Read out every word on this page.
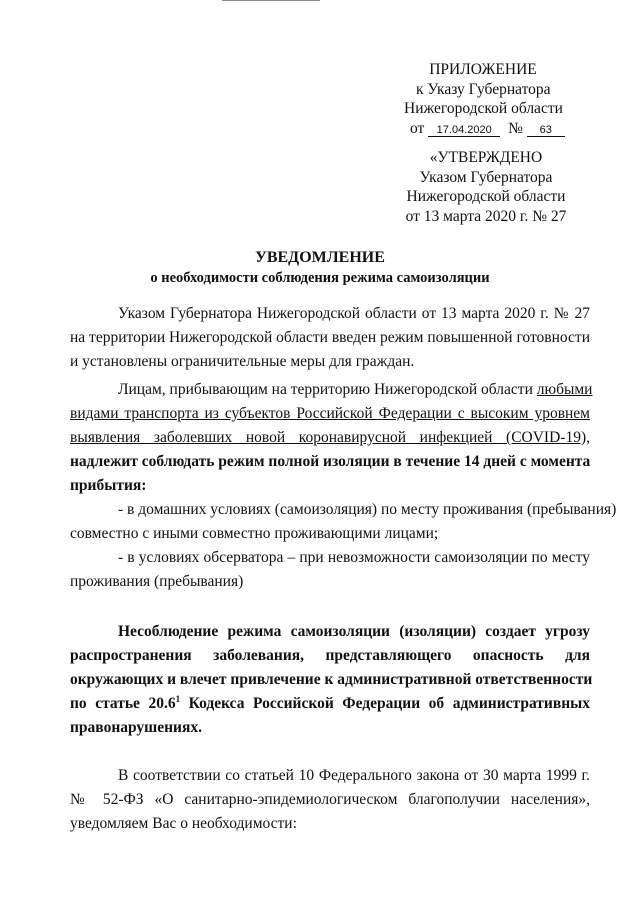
ПРИЛОЖЕНИЕ
к Указу Губернатора
Нижегородской области
от 17.04.2020 № 63
«УТВЕРЖДЕНО
Указом Губернатора
Нижегородской области
от 13 марта 2020 г. № 27
УВЕДОМЛЕНИЕ
о необходимости соблюдения режима самоизоляции
Указом Губернатора Нижегородской области от 13 марта 2020 г. № 27
на территории Нижегородской области введен режим повышенной готовности
и установлены ограничительные меры для граждан.
Лицам, прибывающим на территорию Нижегородской области любыми
видами транспорта из субъектов Российской Федерации с высоким уровнем
выявления заболевших новой коронавирусной инфекцией (COVID-19),
надлежит соблюдать режим полной изоляции в течение 14 дней с момента
прибытия:
- в домашних условиях (самоизоляция) по месту проживания (пребывания)
совместно с иными совместно проживающими лицами;
- в условиях обсерватора – при невозможности самоизоляции по месту
проживания (пребывания)
Несоблюдение режима самоизоляции (изоляции) создает угрозу
распространения заболевания, представляющего опасность для
окружающих и влечет привлечение к административной ответственности
по статье 20.6$^1$ Кодекса Российской Федерации об административных
правонарушениях.
В соответствии со статьей 10 Федерального закона от 30 марта 1999 г.
№ 52-ФЗ «О санитарно-эпидемиологическом благополучии населения»,
уведомляем Вас о необходимости:
